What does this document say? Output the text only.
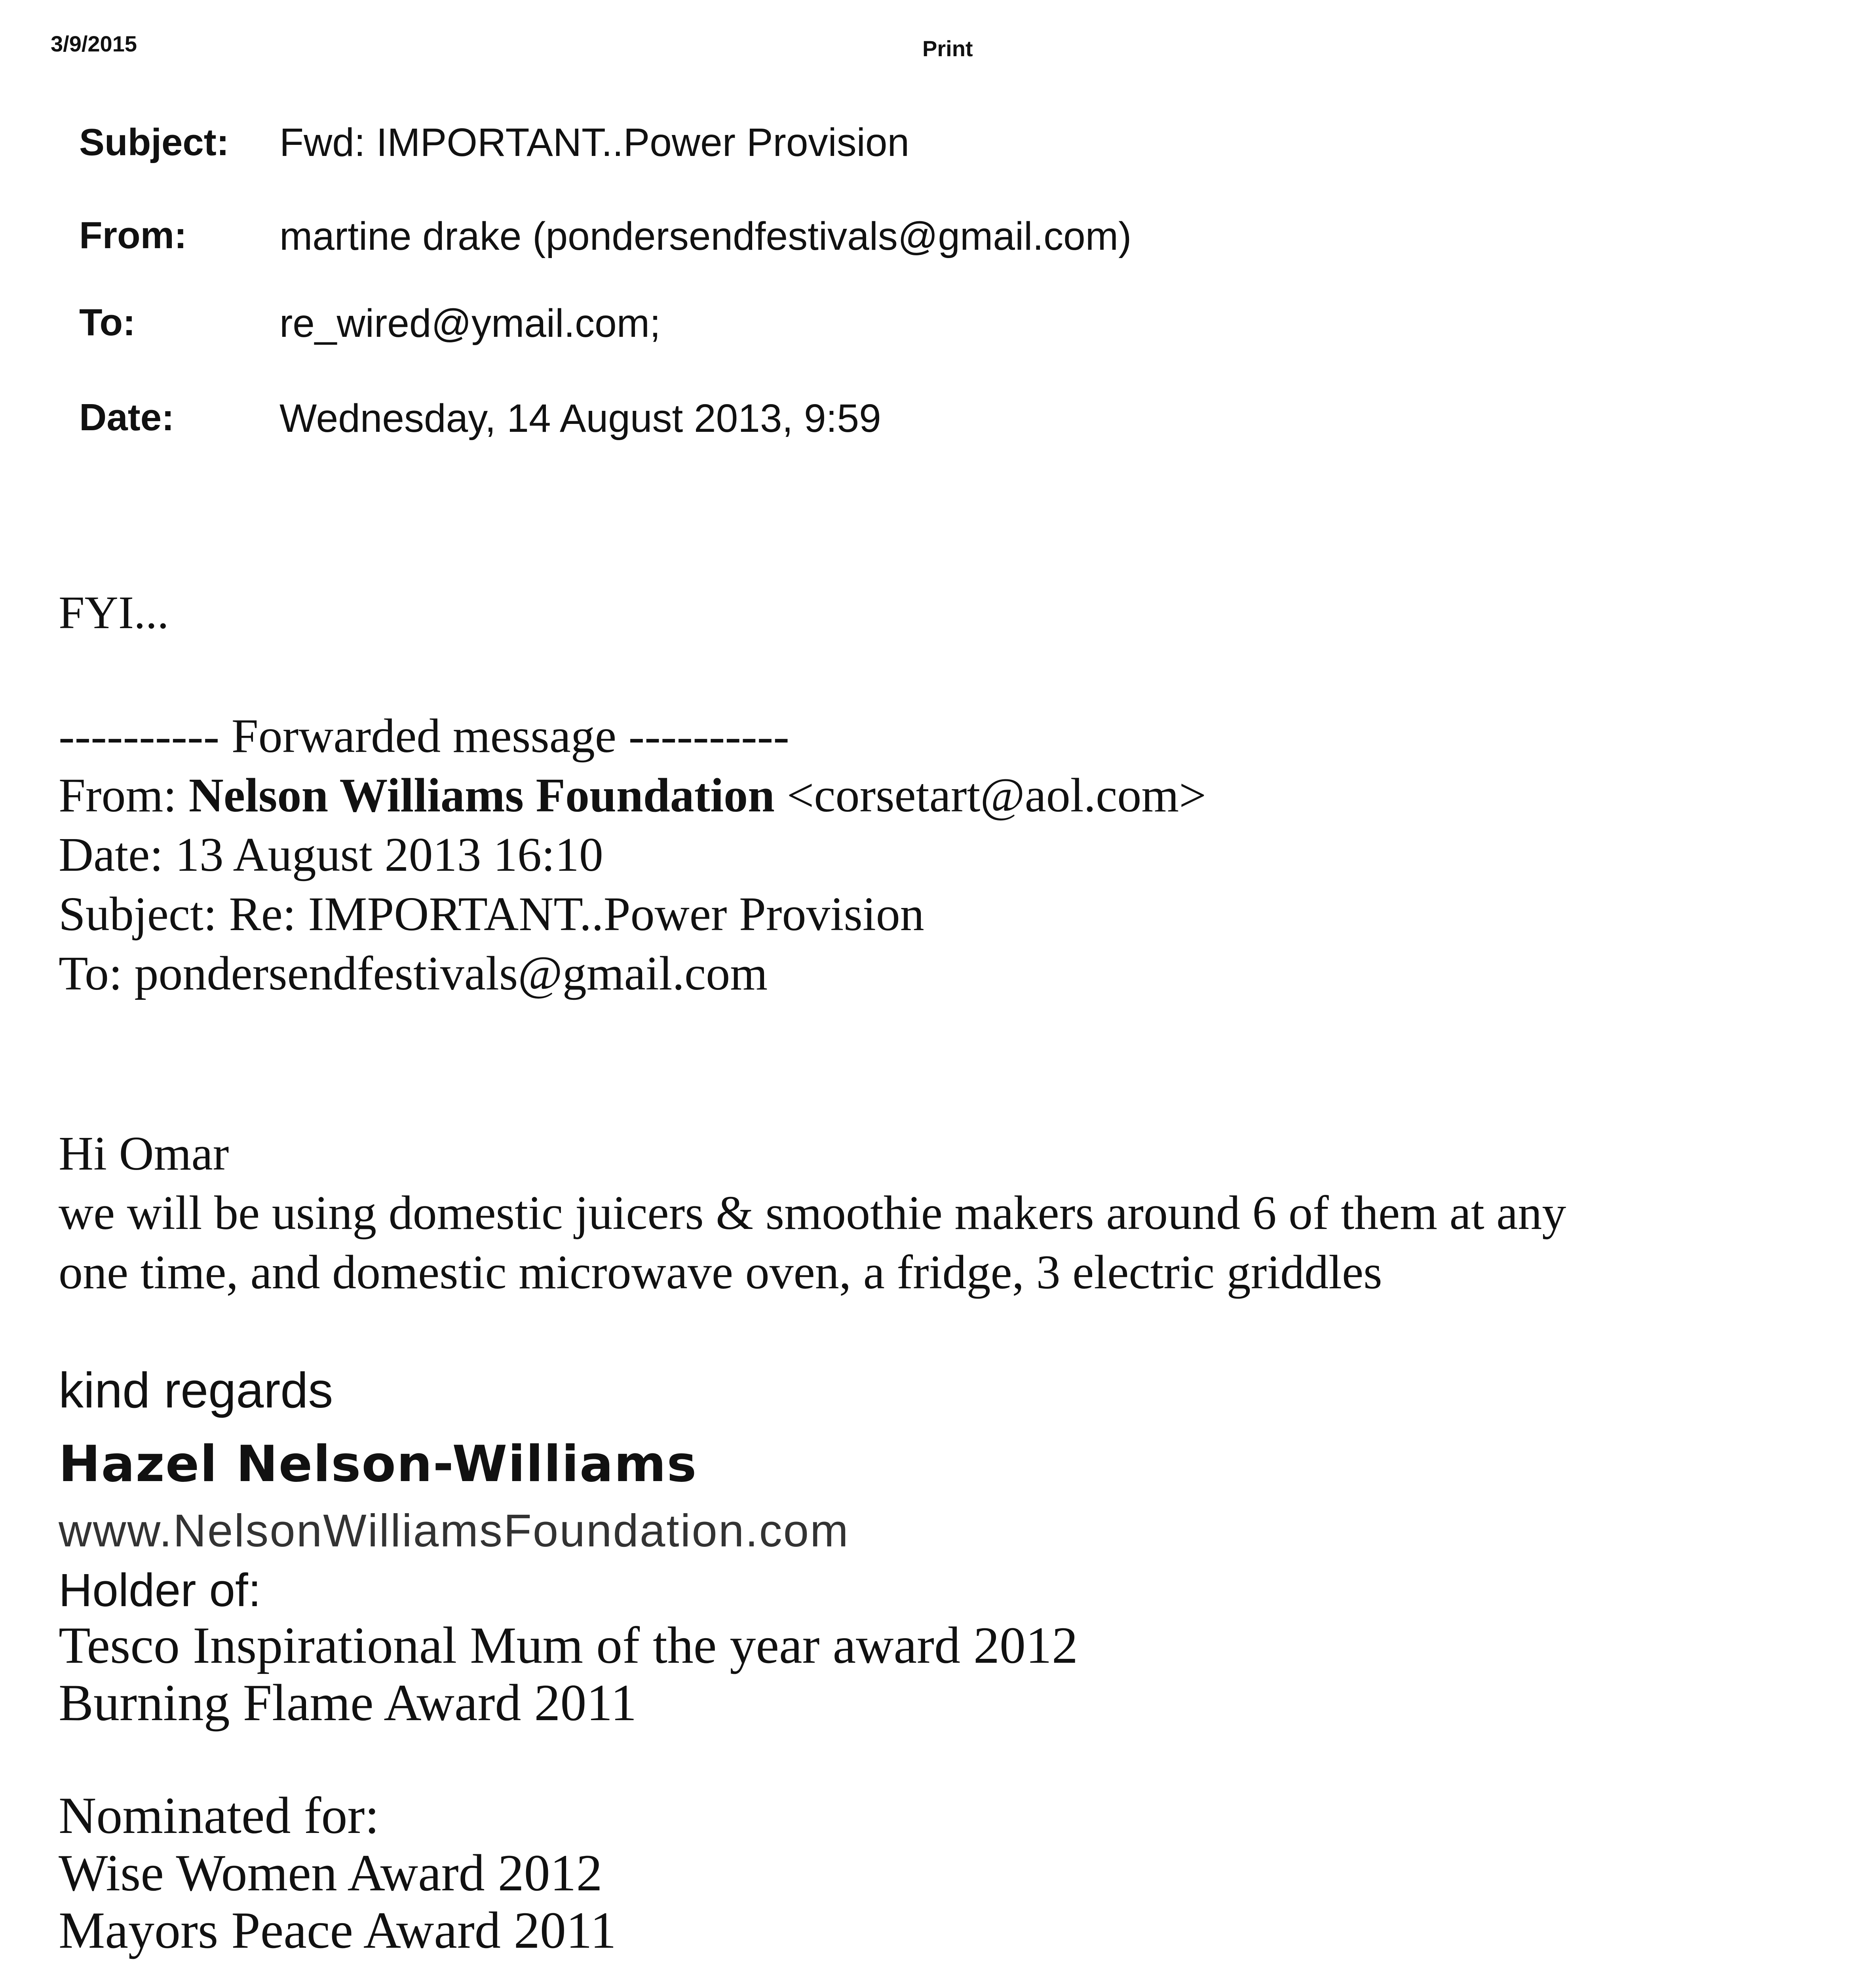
3/9/2015	Print
Subject: Fwd: IMPORTANT..Power Provision
From: martine drake (pondersendfestivals@gmail.com)
To:	re_wired@ymail.com;
Date:	Wednesday, 14 August 2013, 9:59
FYI...
---------- Forwarded message ----------
From: Nelson Williams Foundation <corsetart@aol.com>
Date: 13 August 2013 16:10
Subject: Re: IMPORTANT..Power Provision
To: pondersendfestivals@gmail.com
Hi Omar
we will be using domestic juicers & smoothie makers around 6 of them at any
one time, and domestic microwave oven, a fridge, 3 electric griddles
kind regards
Hazel Nelson-Williams
www.NelsonWilliamsFoundation.com
Holder of:
Tesco Inspirational Mum of the year award 2012
Burning Flame Award 2011
Nominated for:
Wise Women Award 2012
Mayors Peace Award 2011
